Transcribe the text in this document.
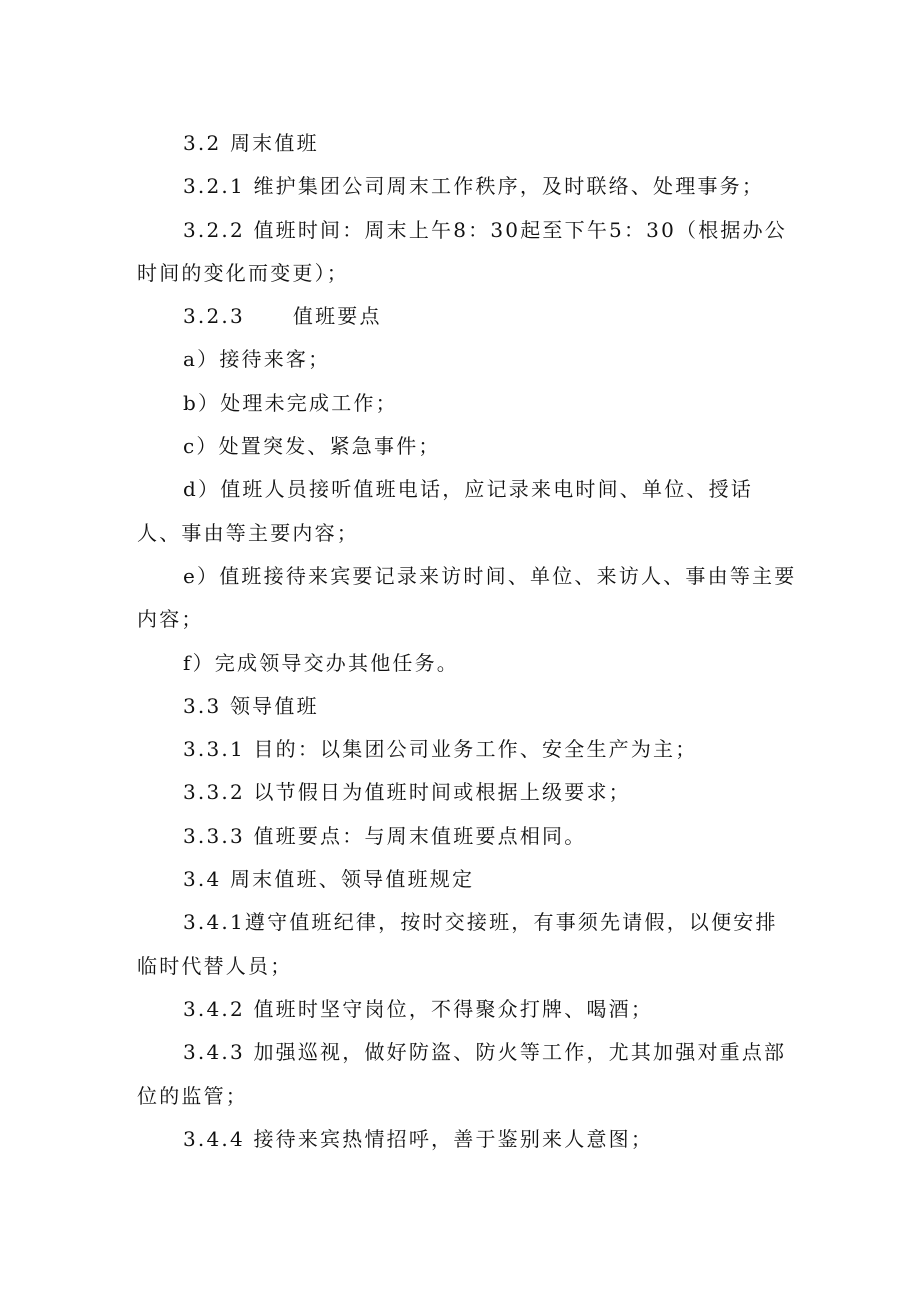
3.2 周末值班

3.2.1 维护集团公司周末工作秩序，及时联络、处理事务；

3.2.2 值班时间：周末上午8：30起至下午5：30（根据办公时间的变化而变更）；

3.2.3 值班要点

a）接待来客；

b）处理未完成工作；

c）处置突发、紧急事件；

d）值班人员接听值班电话，应记录来电时间、单位、授话人、事由等主要内容；

e）值班接待来宾要记录来访时间、单位、来访人、事由等主要内容；

f）完成领导交办其他任务。

3.3 领导值班

3.3.1 目的：以集团公司业务工作、安全生产为主；

3.3.2 以节假日为值班时间或根据上级要求；

3.3.3 值班要点：与周末值班要点相同。

3.4 周末值班、领导值班规定

3.4.1遵守值班纪律，按时交接班，有事须先请假，以便安排临时代替人员；

3.4.2 值班时坚守岗位，不得聚众打牌、喝酒；

3.4.3 加强巡视，做好防盗、防火等工作，尤其加强对重点部位的监管；

3.4.4 接待来宾热情招呼，善于鉴别来人意图；
